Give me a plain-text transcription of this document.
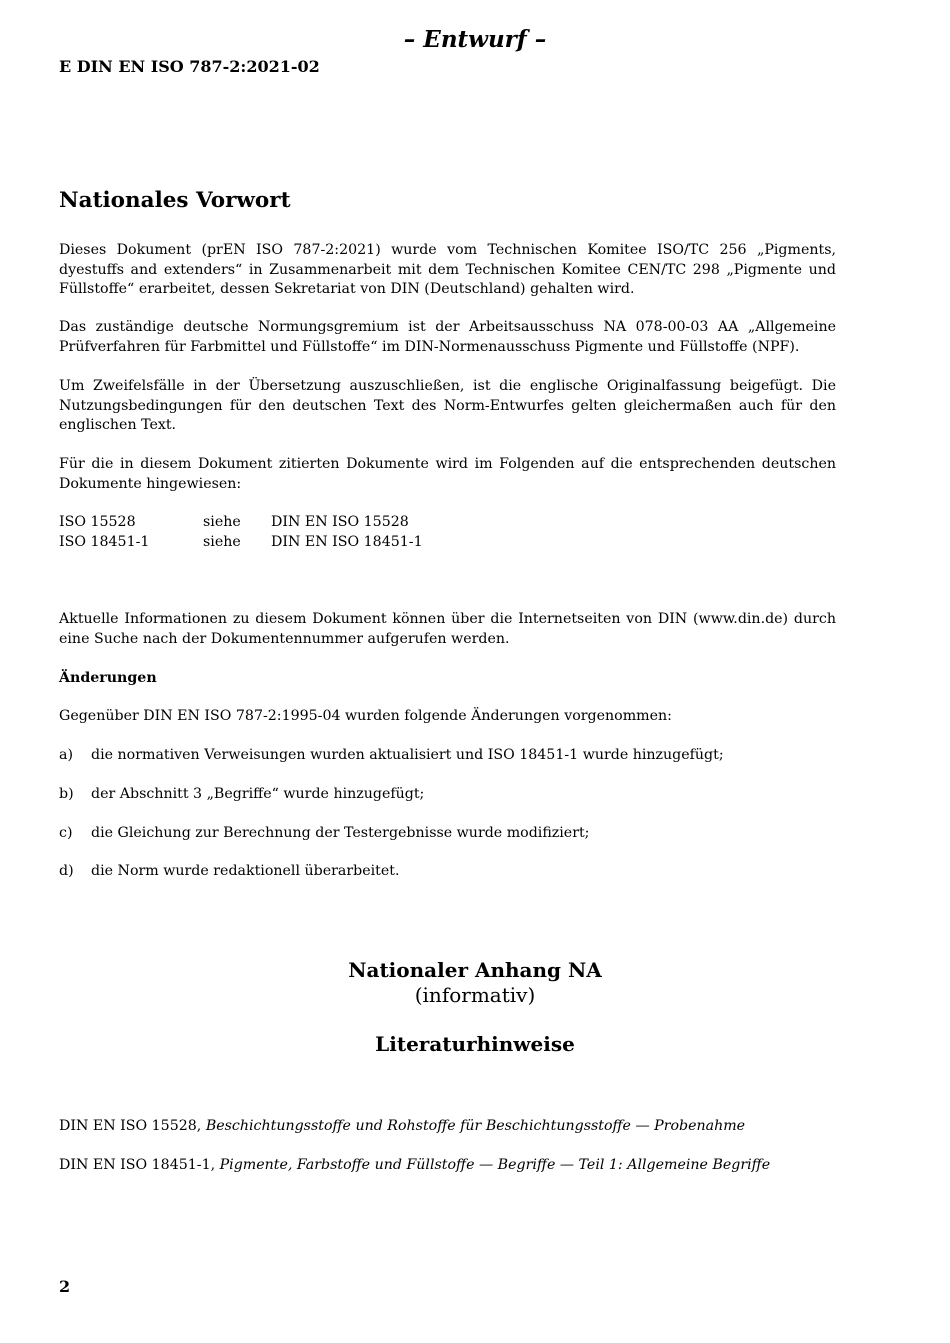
– Entwurf –
E DIN EN ISO 787-2:2021-02
Nationales Vorwort

Dieses Dokument (prEN ISO 787-2:2021) wurde vom Technischen Komitee ISO/TC 256 „Pigments, dyestuffs and extenders“ in Zusammenarbeit mit dem Technischen Komitee CEN/TC 298 „Pigmente und Füllstoffe“ erarbeitet, dessen Sekretariat von DIN (Deutschland) gehalten wird.

Das zuständige deutsche Normungsgremium ist der Arbeitsausschuss NA 078-00-03 AA „Allgemeine Prüfverfahren für Farbmittel und Füllstoffe“ im DIN-Normenausschuss Pigmente und Füllstoffe (NPF).

Um Zweifelsfälle in der Übersetzung auszuschließen, ist die englische Originalfassung beigefügt. Die Nutzungsbedingungen für den deutschen Text des Norm-Entwurfes gelten gleichermaßen auch für den englischen Text.

Für die in diesem Dokument zitierten Dokumente wird im Folgenden auf die entsprechenden deutschen Dokumente hingewiesen:

ISO 15528	siehe DIN EN ISO 15528
ISO 18451-1	siehe DIN EN ISO 18451-1

Aktuelle Informationen zu diesem Dokument können über die Internetseiten von DIN (www.din.de) durch eine Suche nach der Dokumentennummer aufgerufen werden.

Änderungen
Gegenüber DIN EN ISO 787-2:1995-04 wurden folgende Änderungen vorgenommen:
a) die normativen Verweisungen wurden aktualisiert und ISO 18451-1 wurde hinzugefügt;
b) der Abschnitt 3 „Begriffe“ wurde hinzugefügt;
c) die Gleichung zur Berechnung der Testergebnisse wurde modifiziert;
d) die Norm wurde redaktionell überarbeitet.
Nationaler Anhang NA
(informativ)
Literaturhinweise
DIN EN ISO 15528, Beschichtungsstoffe und Rohstoffe für Beschichtungsstoffe — Probenahme
DIN EN ISO 18451-1, Pigmente, Farbstoffe und Füllstoffe — Begriffe — Teil 1: Allgemeine Begriffe
2
